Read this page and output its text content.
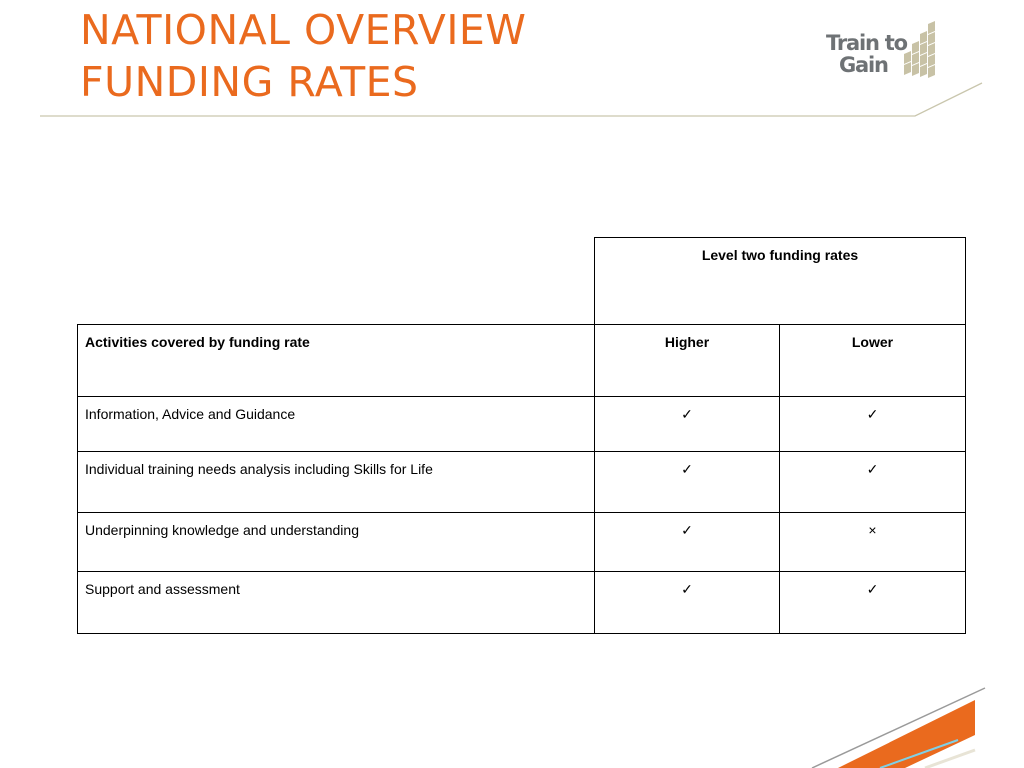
NATIONAL OVERVIEW
FUNDING RATES
Train to
Gain
	Level two funding rates	
Activities covered by funding rate	Higher	Lower
Information, Advice and Guidance	✓	✓
Individual training needs analysis including Skills for Life	✓	✓
Underpinning knowledge and understanding	✓	×
Support and assessment	✓	✓
